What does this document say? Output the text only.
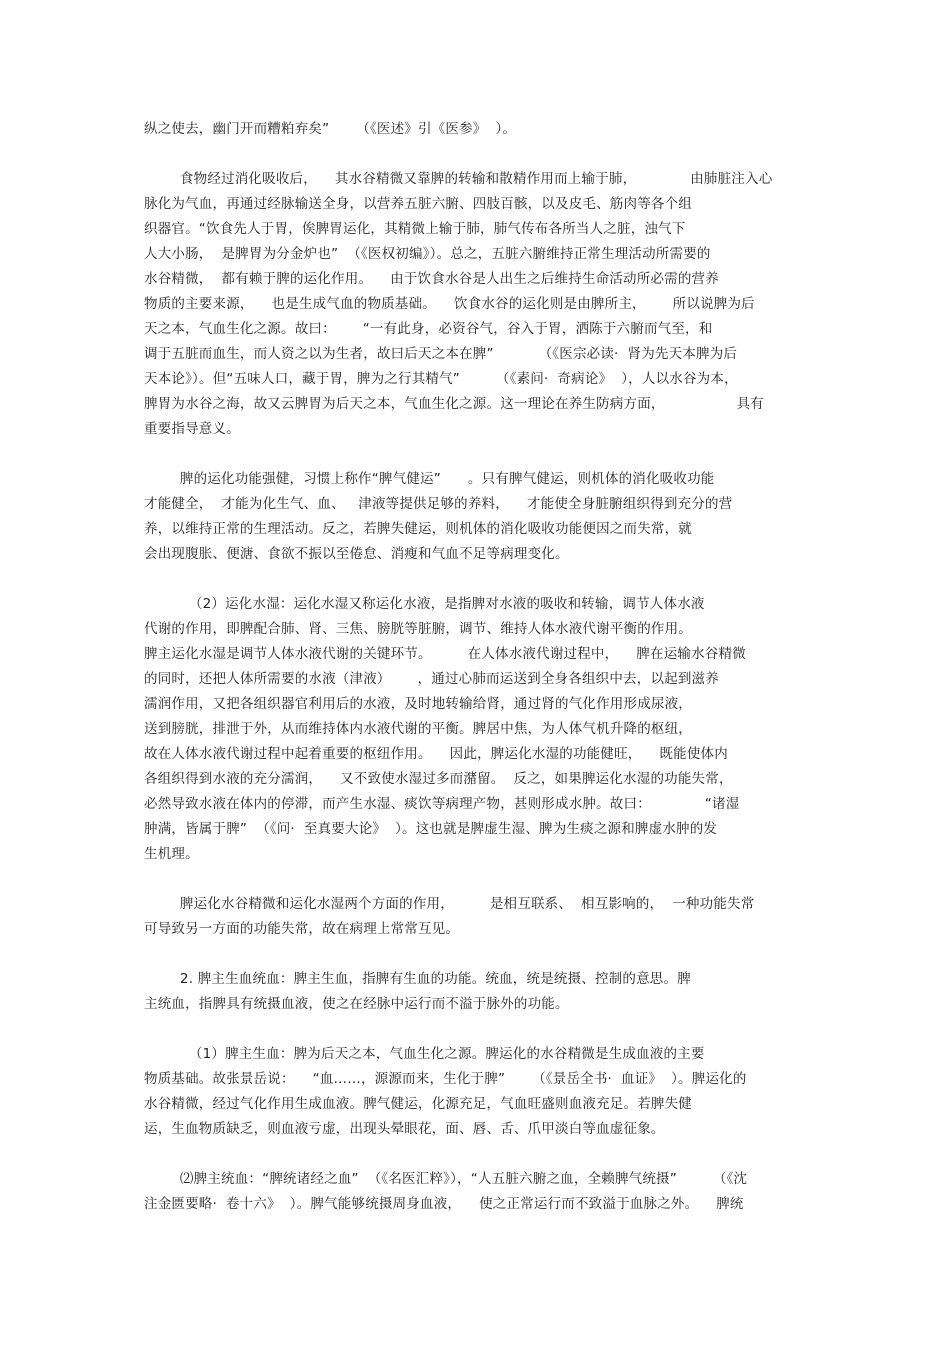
纵之使去，幽门开而糟粕弃矣”      （《医述》引《医参》  ）。
食物经过消化吸收后，    其水谷精微又靠脾的转输和散精作用而上输于肺，            由肺脏注入心
脉化为气血，再通过经脉输送全身，以营养五脏六腑、四肢百骸，以及皮毛、筋肉等各个组
织器官。“饮食先人于胃，俟脾胃运化，其精微上输于肺，肺气传布各所当人之脏，浊气下
人大小肠，  是脾胃为分金炉也”  （《医权初编》）。总之，五脏六腑维持正常生理活动所需要的
水谷精微，  都有赖于脾的运化作用。    由于饮食水谷是人出生之后维持生命活动所必需的营养
物质的主要来源，    也是生成气血的物质基础。    饮食水谷的运化则是由脾所主，      所以说脾为后
天之本，气血生化之源。故曰：      “一有此身，必资谷气，谷入于胃，洒陈于六腑而气至，和
调于五脏而血生，而人资之以为生者，故曰后天之本在脾”          （《医宗必读·  肾为先天本脾为后
天本论》）。但“五味人口，藏于胃，脾为之行其精气”        （《素问·  奇病论》  ），人以水谷为本，
脾胃为水谷之海，故又云脾胃为后天之本，气血生化之源。这一理论在养生防病方面，                具有
重要指导意义。
脾的运化功能强健，习惯上称作“脾气健运”      。只有脾气健运，则机体的消化吸收功能
才能健全，  才能为化生气、血、   津液等提供足够的养料，    才能使全身脏腑组织得到充分的营
养，以维持正常的生理活动。反之，若脾失健运，则机体的消化吸收功能便因之而失常，就
会出现腹胀、便溏、食欲不振以至倦怠、消瘦和气血不足等病理变化。
（2）运化水湿：运化水湿又称运化水液，是指脾对水液的吸收和转输，调节人体水液
代谢的作用，即脾配合肺、肾、三焦、膀胱等脏腑，调节、维持人体水液代谢平衡的作用。
脾主运化水湿是调节人体水液代谢的关键环节。        在人体水液代谢过程中，    脾在运输水谷精微
的同时，还把人体所需要的水液（津液）      ，通过心肺而运送到全身各组织中去，以起到滋养
濡润作用，又把各组织器官利用后的水液，及时地转输给肾，通过肾的气化作用形成尿液，
送到膀胱，排泄于外，从而维持体内水液代谢的平衡。脾居中焦，为人体气机升降的枢纽，
故在人体水液代谢过程中起着重要的枢纽作用。    因此，脾运化水湿的功能健旺，    既能使体内
各组织得到水液的充分濡润，    又不致使水湿过多而潴留。  反之，如果脾运化水湿的功能失常，
必然导致水液在体内的停滞，而产生水湿、痰饮等病理产物，甚则形成水肿。故曰：            “诸湿
肿满，皆属于脾”  （《问·  至真要大论》  ）。这也就是脾虚生湿、脾为生痰之源和脾虚水肿的发
生机理。
脾运化水谷精微和运化水湿两个方面的作用，        是相互联系、  相互影响的，  一种功能失常
可导致另一方面的功能失常，故在病理上常常互见。
2. 脾主生血统血：脾主生血，指脾有生血的功能。统血，统是统摄、控制的意思。脾
主统血，指脾具有统摄血液，使之在经脉中运行而不溢于脉外的功能。
（1）脾主生血：脾为后天之本，气血生化之源。脾运化的水谷精微是生成血液的主要
物质基础。故张景岳说：    “血……，源源而来，生化于脾”      （《景岳全书·  血证》  ）。脾运化的
水谷精微，经过气化作用生成血液。脾气健运，化源充足，气血旺盛则血液充足。若脾失健
运，生血物质缺乏，则血液亏虚，出现头晕眼花，面、唇、舌、爪甲淡白等血虚征象。
⑵脾主统血：“脾统诸经之血”  （《名医汇粹》），“人五脏六腑之血，全赖脾气统摄”        （《沈
注金匮要略·  卷十六》  ）。脾气能够统摄周身血液，    使之正常运行而不致溢于血脉之外。    脾统
